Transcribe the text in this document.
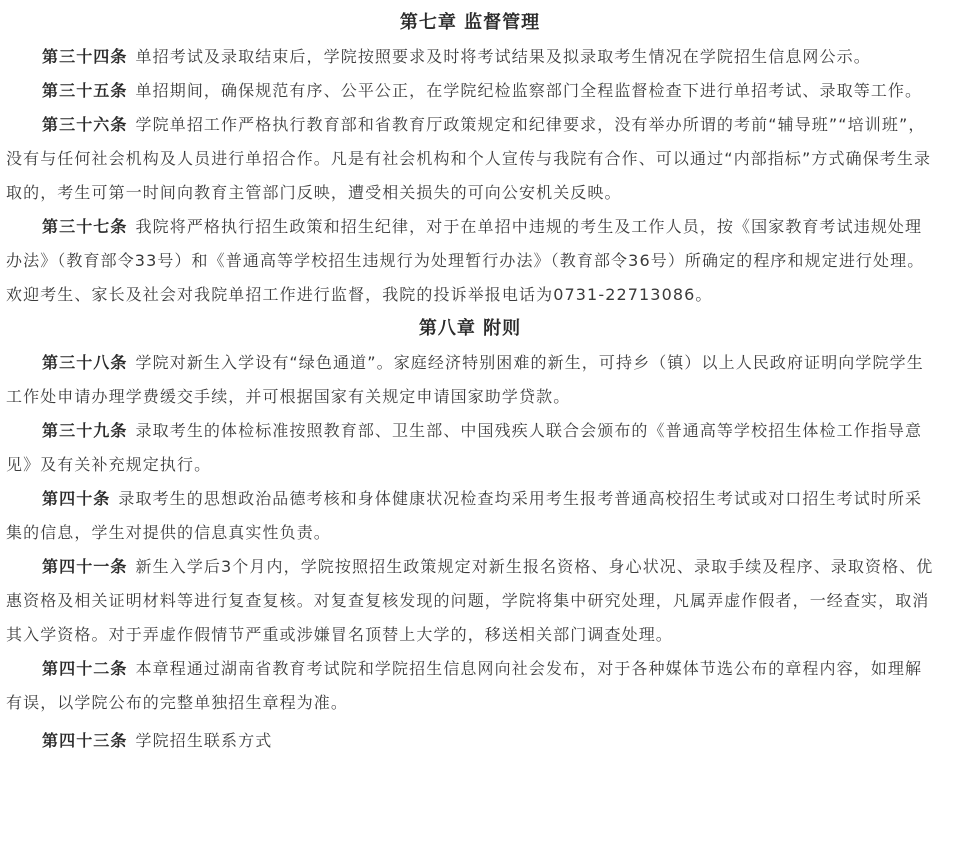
第七章 监督管理

第三十四条 单招考试及录取结束后，学院按照要求及时将考试结果及拟录取考生情况在学院招生信息网公示。

第三十五条 单招期间，确保规范有序、公平公正，在学院纪检监察部门全程监督检查下进行单招考试、录取等工作。

第三十六条 学院单招工作严格执行教育部和省教育厅政策规定和纪律要求，没有举办所谓的考前“辅导班”“培训班”，没有与任何社会机构及人员进行单招合作。凡是有社会机构和个人宣传与我院有合作、可以通过“内部指标”方式确保考生录取的，考生可第一时间向教育主管部门反映，遭受相关损失的可向公安机关反映。

第三十七条 我院将严格执行招生政策和招生纪律，对于在单招中违规的考生及工作人员，按《国家教育考试违规处理办法》（教育部令33号）和《普通高等学校招生违规行为处理暂行办法》（教育部令36号）所确定的程序和规定进行处理。欢迎考生、家长及社会对我院单招工作进行监督，我院的投诉举报电话为0731-22713086。

第八章 附则

第三十八条 学院对新生入学设有“绿色通道”。家庭经济特别困难的新生，可持乡（镇）以上人民政府证明向学院学生工作处申请办理学费缓交手续，并可根据国家有关规定申请国家助学贷款。

第三十九条 录取考生的体检标准按照教育部、卫生部、中国残疾人联合会颁布的《普通高等学校招生体检工作指导意见》及有关补充规定执行。

第四十条 录取考生的思想政治品德考核和身体健康状况检查均采用考生报考普通高校招生考试或对口招生考试时所采集的信息，学生对提供的信息真实性负责。

第四十一条 新生入学后3个月内，学院按照招生政策规定对新生报名资格、身心状况、录取手续及程序、录取资格、优惠资格及相关证明材料等进行复查复核。对复查复核发现的问题，学院将集中研究处理，凡属弄虚作假者，一经查实，取消其入学资格。对于弄虚作假情节严重或涉嫌冒名顶替上大学的，移送相关部门调查处理。

第四十二条 本章程通过湖南省教育考试院和学院招生信息网向社会发布，对于各种媒体节选公布的章程内容，如理解有误，以学院公布的完整单独招生章程为准。

第四十三条 学院招生联系方式
